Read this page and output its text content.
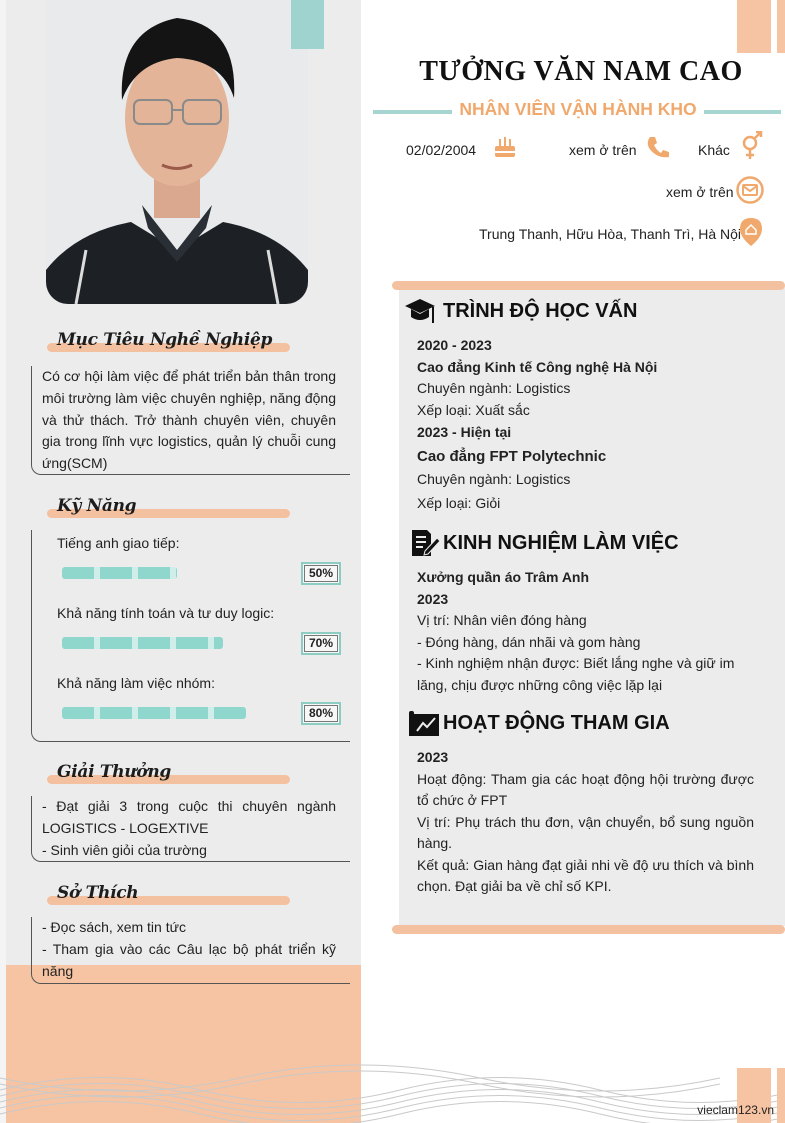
Mục Tiêu Nghề Nghiệp
Có cơ hội làm việc để phát triển bản thân trong môi trường làm việc chuyên nghiệp, năng động và thử thách. Trở thành chuyên viên, chuyên gia trong lĩnh vực logistics, quản lý chuỗi cung ứng(SCM)
Kỹ Năng
Tiếng anh giao tiếp:
50%
Khả năng tính toán và tư duy logic:
70%
Khả năng làm việc nhóm:
80%
Giải Thưởng
- Đạt giải 3 trong cuộc thi chuyên ngành
LOGISTICS - LOGEXTIVE
- Sinh viên giỏi của trường
Sở Thích
- Đọc sách, xem tin tức
- Tham gia vào các Câu lạc bộ phát triển kỹ năng
TƯỞNG VĂN NAM CAO
NHÂN VIÊN VẬN HÀNH KHO
02/02/2004	xem ở trên	Khác
xem ở trên
Trung Thanh, Hữu Hòa, Thanh Trì, Hà Nội
TRÌNH ĐỘ HỌC VẤN
2020 - 2023
Cao đẳng Kinh tế Công nghệ Hà Nội
Chuyên ngành: Logistics
Xếp loại: Xuất sắc
2023 - Hiện tại
Cao đẳng FPT Polytechnic
Chuyên ngành: Logistics
Xếp loại: Giỏi
KINH NGHIỆM LÀM VIỆC
Xưởng quần áo Trâm Anh
2023
Vị trí: Nhân viên đóng hàng
- Đóng hàng, dán nhãi và gom hàng
- Kinh nghiệm nhận được: Biết lắng nghe và giữ im lăng, chịu được những công việc lặp lại
HOẠT ĐỘNG THAM GIA
2023
Hoạt động: Tham gia các hoạt động hội trường được tổ chức ở FPT
Vị trí: Phụ trách thu đơn, vận chuyển, bổ sung nguồn hàng.
Kết quả: Gian hàng đạt giải nhi về độ ưu thích và bình chọn. Đạt giải ba về chỉ số KPI.
vieclam123.vn
